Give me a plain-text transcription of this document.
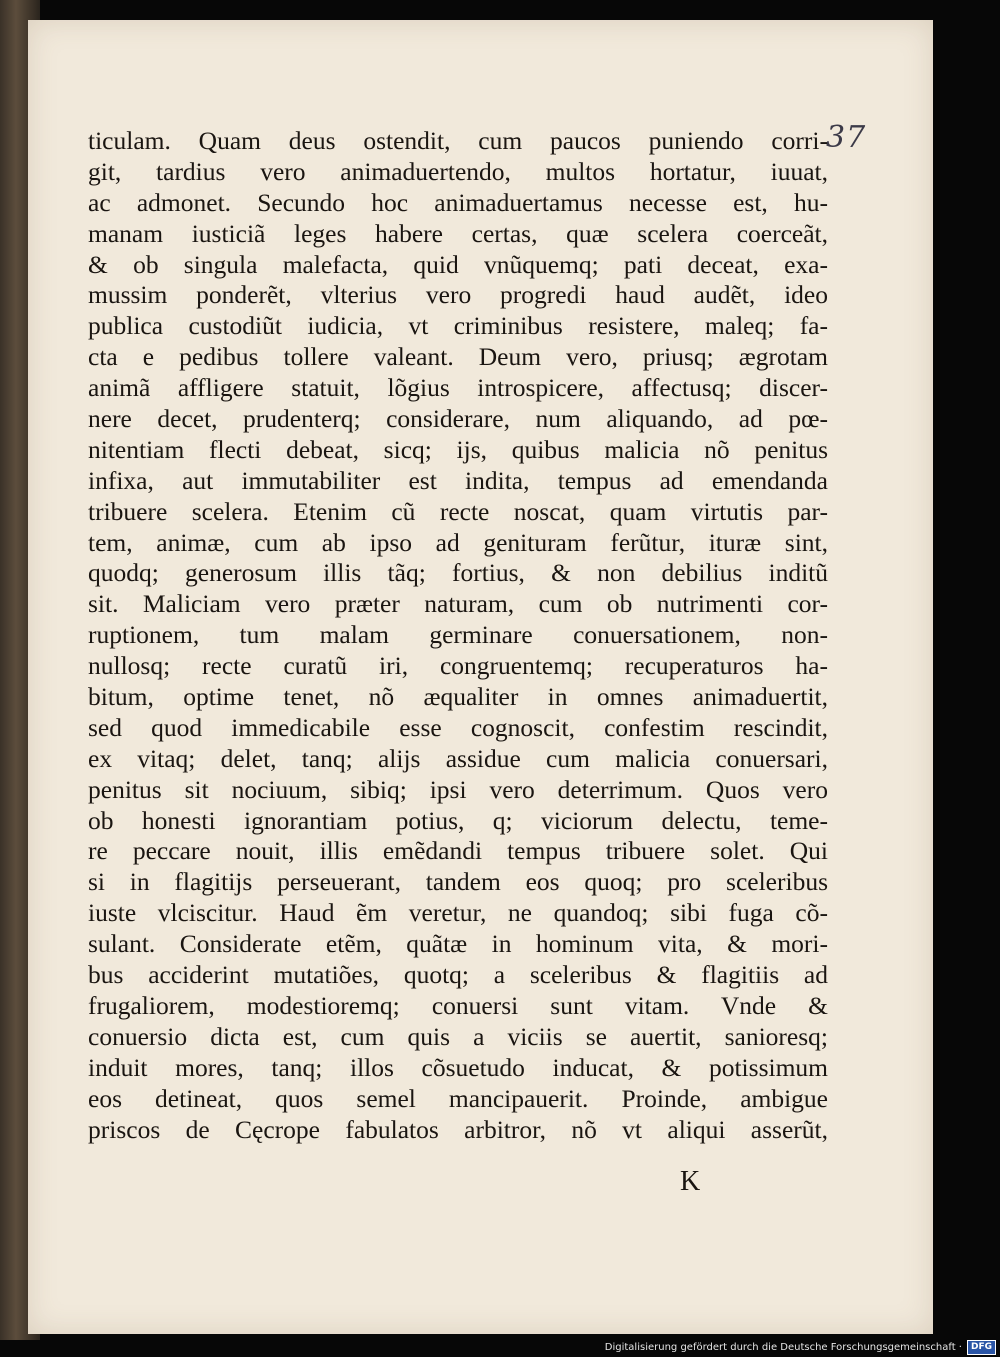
37
ticulam. Quam deus ostendit, cum paucos puniendo corri-
git, tardius vero animaduertendo, multos hortatur, iuuat,
ac admonet. Secundo hoc animaduertamus necesse est, hu-
manam iusticiã leges habere certas, quæ scelera coerceãt,
& ob singula malefacta, quid vnũquemq; pati deceat, exa-
mussim ponderẽt, vlterius vero progredi haud audẽt, ideo
publica custodiũt iudicia, vt criminibus resistere, maleq; fa-
cta e pedibus tollere valeant. Deum vero, priusq; ægrotam
animã affligere statuit, lõgius introspicere, affectusq; discer-
nere decet, prudenterq; considerare, num aliquando, ad pœ-
nitentiam flecti debeat, sicq; ijs, quibus malicia nõ penitus
infixa, aut immutabiliter est indita, tempus ad emendanda
tribuere scelera. Etenim cũ recte noscat, quam virtutis par-
tem, animæ, cum ab ipso ad genituram ferũtur, ituræ sint,
quodq; generosum illis tãq; fortius, & non debilius inditũ
sit. Maliciam vero præter naturam, cum ob nutrimenti cor-
ruptionem, tum malam germinare conuersationem, non-
nullosq; recte curatũ iri, congruentemq; recuperaturos ha-
bitum, optime tenet, nõ æqualiter in omnes animaduertit,
sed quod immedicabile esse cognoscit, confestim rescindit,
ex vitaq; delet, tanq; alijs assidue cum malicia conuersari,
penitus sit nociuum, sibiq; ipsi vero deterrimum. Quos vero
ob honesti ignorantiam potius, q; viciorum delectu, teme-
re peccare nouit, illis emẽdandi tempus tribuere solet. Qui
si in flagitijs perseuerant, tandem eos quoq; pro sceleribus
iuste vlciscitur. Haud ẽm veretur, ne quandoq; sibi fuga cõ-
sulant. Considerate etẽm, quãtæ in hominum vita, & mori-
bus acciderint mutatiões, quotq; a sceleribus & flagitiis ad
frugaliorem, modestioremq; conuersi sunt vitam. Vnde &
conuersio dicta est, cum quis a viciis se auertit, sanioresq;
induit mores, tanq; illos cõsuetudo inducat, & potissimum
eos detineat, quos semel mancipauerit. Proinde, ambigue
priscos de Cęcrope fabulatos arbitror, nõ vt aliqui asserũt,
K
Digitalisierung gefördert durch die Deutsche Forschungsgemeinschaft ·	DFG
